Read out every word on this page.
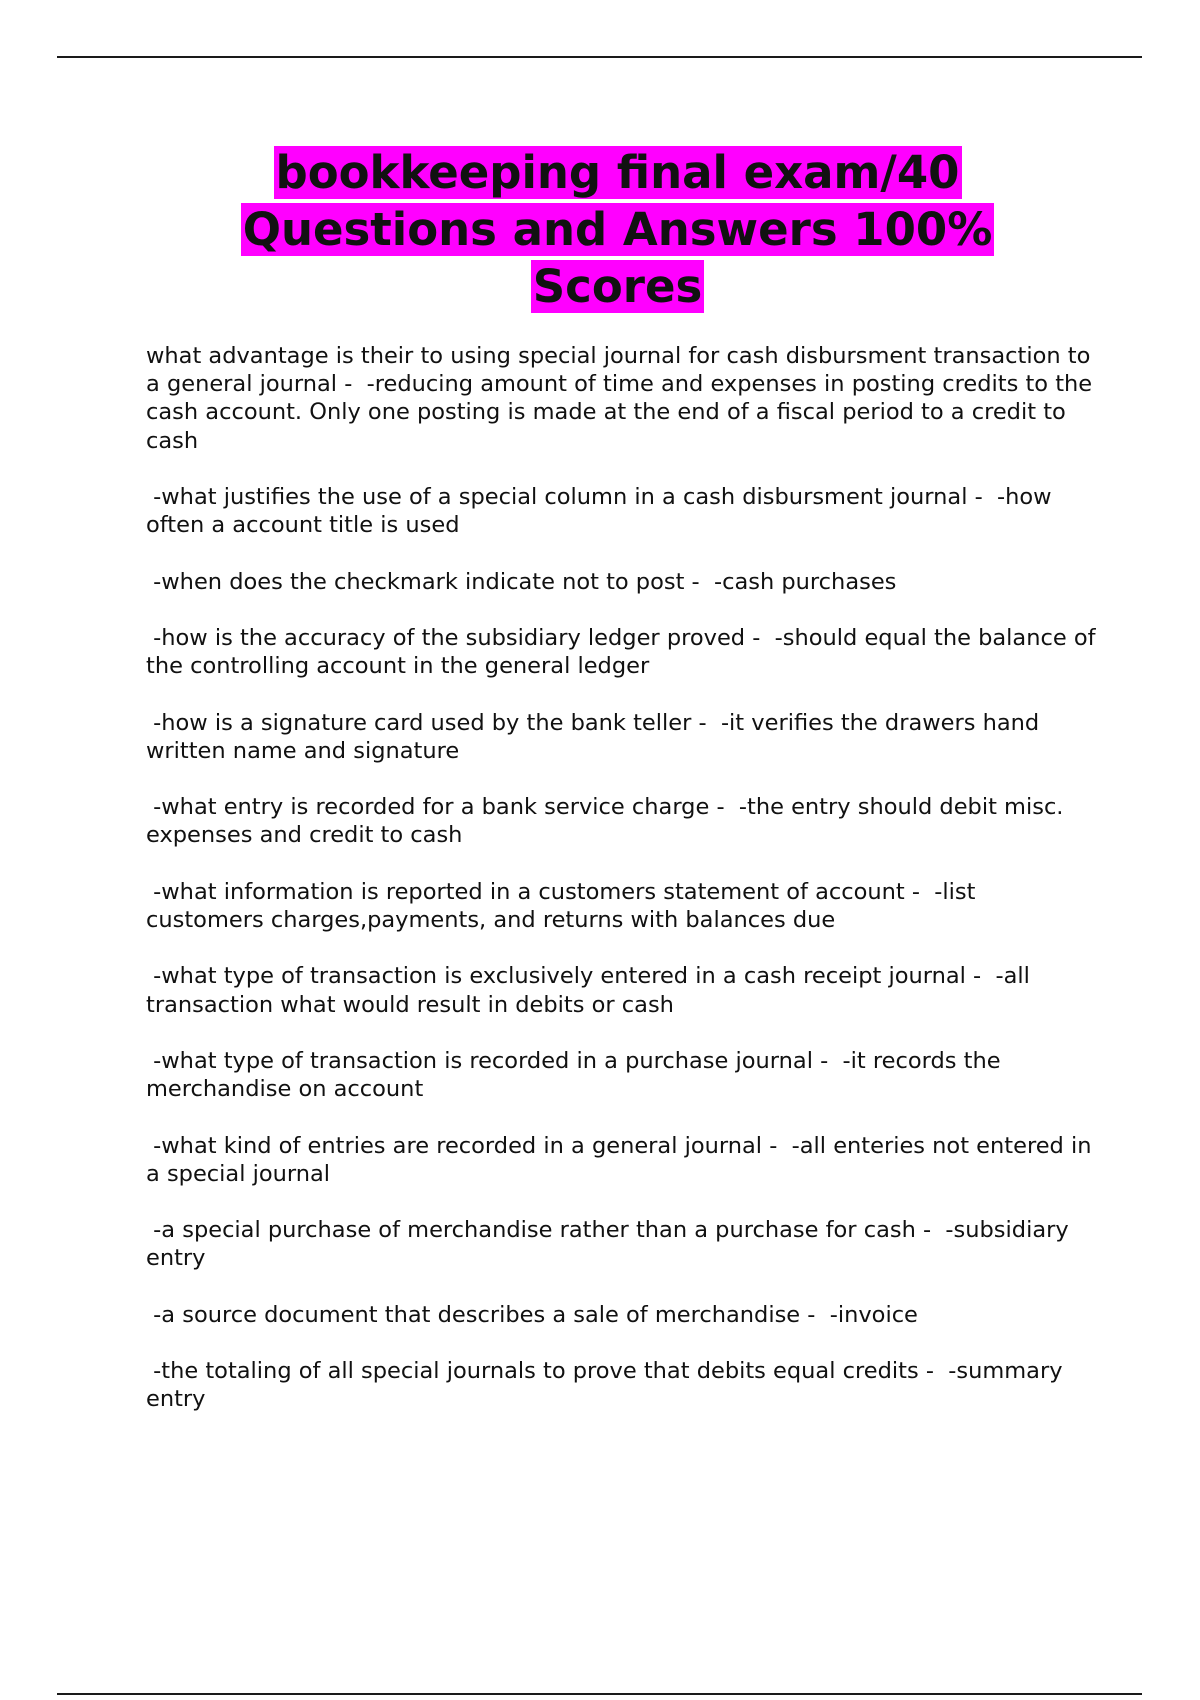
bookkeeping final exam/40 Questions and Answers 100% Scores

what advantage is their to using special journal for cash disbursment transaction to a general journal -  -reducing amount of time and expenses in posting credits to the cash account. Only one posting is made at the end of a fiscal period to a credit to cash

-what justifies the use of a special column in a cash disbursment journal -  -how often a account title is used

-when does the checkmark indicate not to post -  -cash purchases

-how is the accuracy of the subsidiary ledger proved -  -should equal the balance of the controlling account in the general ledger

-how is a signature card used by the bank teller -  -it verifies the drawers hand written name and signature

-what entry is recorded for a bank service charge -  -the entry should debit misc. expenses and credit to cash

-what information is reported in a customers statement of account -  -list customers charges,payments, and returns with balances due

-what type of transaction is exclusively entered in a cash receipt journal -  -all transaction what would result in debits or cash

-what type of transaction is recorded in a purchase journal -  -it records the merchandise on account

-what kind of entries are recorded in a general journal -  -all enteries not entered in a special journal

-a special purchase of merchandise rather than a purchase for cash -  -subsidiary entry

-a source document that describes a sale of merchandise -  -invoice

-the totaling of all special journals to prove that debits equal credits -  -summary entry
